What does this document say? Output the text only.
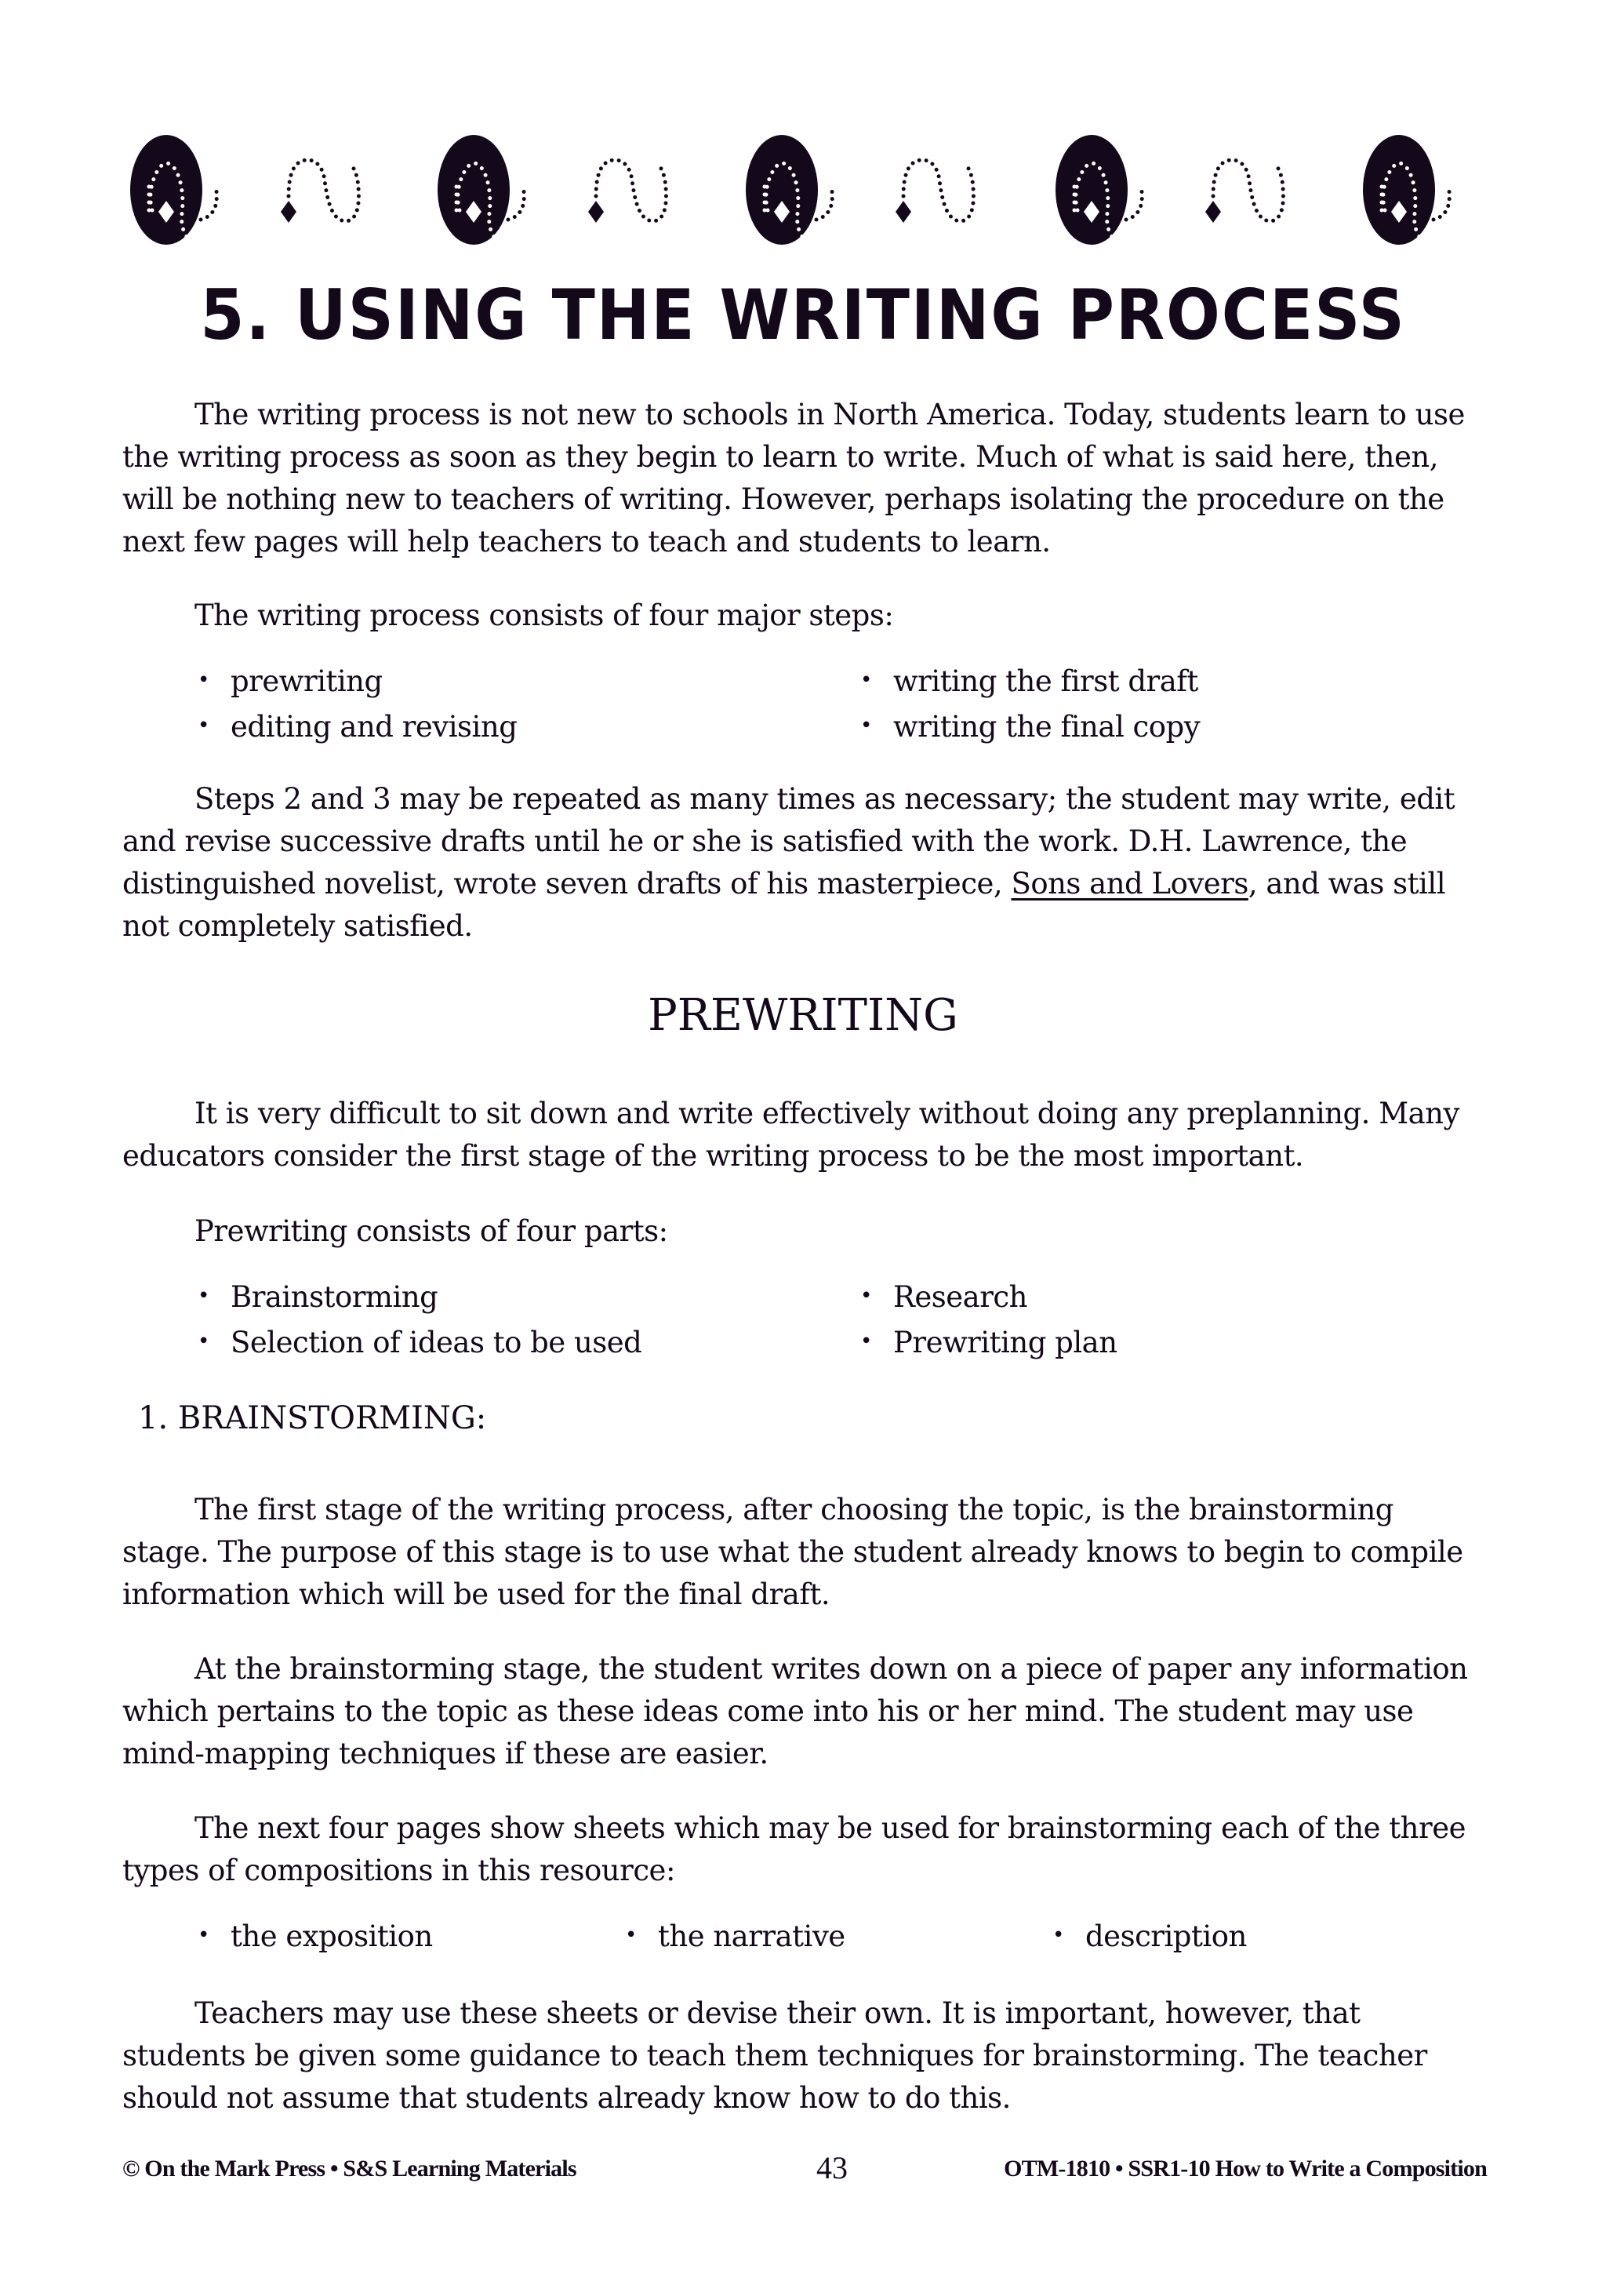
5. USING THE WRITING PROCESS

The writing process is not new to schools in North America. Today, students learn to use the writing process as soon as they begin to learn to write. Much of what is said here, then, will be nothing new to teachers of writing. However, perhaps isolating the procedure on the next few pages will help teachers to teach and students to learn.

The writing process consists of four major steps:

• prewriting	• writing the first draft
• editing and revising	• writing the final copy

Steps 2 and 3 may be repeated as many times as necessary; the student may write, edit and revise successive drafts until he or she is satisfied with the work. D.H. Lawrence, the distinguished novelist, wrote seven drafts of his masterpiece, Sons and Lovers, and was still not completely satisfied.

PREWRITING

It is very difficult to sit down and write effectively without doing any preplanning. Many educators consider the first stage of the writing process to be the most important.

Prewriting consists of four parts:

• Brainstorming	• Research
• Selection of ideas to be used	• Prewriting plan
1. BRAINSTORMING:

The first stage of the writing process, after choosing the topic, is the brainstorming stage. The purpose of this stage is to use what the student already knows to begin to compile information which will be used for the final draft.

At the brainstorming stage, the student writes down on a piece of paper any information which pertains to the topic as these ideas come into his or her mind. The student may use mind-mapping techniques if these are easier.

The next four pages show sheets which may be used for brainstorming each of the three types of compositions in this resource:

• the exposition	• the narrative	• description

Teachers may use these sheets or devise their own. It is important, however, that students be given some guidance to teach them techniques for brainstorming. The teacher should not assume that students already know how to do this.

© On the Mark Press • S&S Learning Materials	43	OTM-1810 • SSR1-10 How to Write a Composition
